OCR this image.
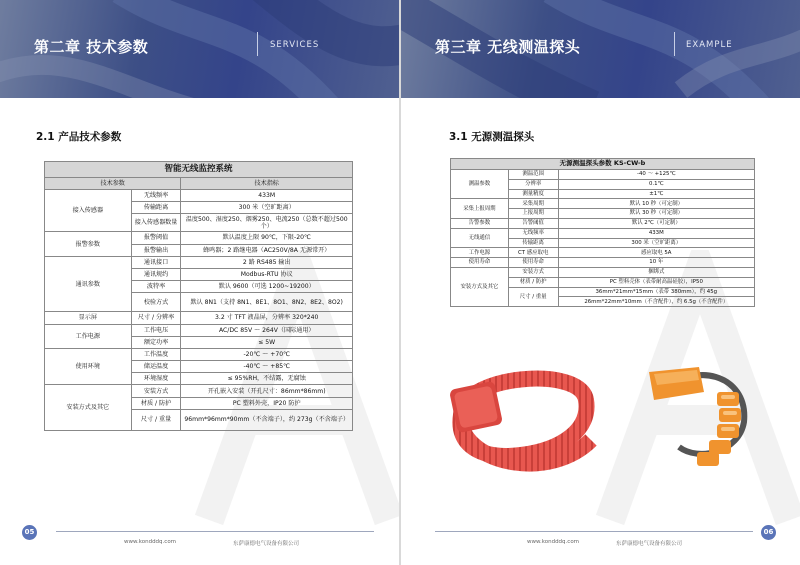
第二章 技术参数	SERVICES
2.1 产品技术参数
智能无线监控系统		
技术参数		技术指标
接入传感器	无线频率	433M
	传输距离	300 米（空旷距离）
	接入传感器数量	温度500、湿度250、烟雾250、电流250（总数不超过500 个）
报警参数	报警阈值	默认温度上限 90℃，下限-20℃
	报警输出	蜂鸣器；2 路继电器（AC250V/8A 无源常开）
通讯参数	通讯接口	2 路 RS485 输出
	通讯规约	Modbus-RTU 协议
	波特率	默认 9600（可选 1200~19200）
	校验方式	默认 8N1（支持 8N1、8E1、8O1、8N2、8E2、8O2)
显示屏	尺寸 / 分辨率	3.2 寸 TFT 液晶屏，分辨率 320*240
工作电源	工作电压	AC/DC 85V ～ 264V（国际通用）
	额定功率	≤ 5W
使用环境	工作温度	-20℃ ～ +70℃
	储运温度	-40℃ ～ +85℃
	环境湿度	≤ 95%RH，不结露，无腐蚀
安装方式及其它	安装方式	开孔嵌入安装（开孔尺寸：86mm*86mm)
	材质 / 防护	PC 塑料外壳，IP20 防护
	尺寸 / 重量	96mm*96mm*90mm（不含端子），约 273g（不含端子）
05
www.kondddq.com	东萨康德电气设备有限公司
第三章 无线测温探头	EXAMPLE
3.1 无源测温探头
无源测温探头参数 KS-CW-b		
测温参数	测温范围	-40 ～ +125℃
	分辨率	0.1℃
	测量精度	±1℃
采集上报周期	采集周期	默认 10 秒（可定制）
	上报周期	默认 30 秒（可定制）
告警参数	告警阈值	默认 2℃（可定制）
无线通信	无线频率	433M
	传输距离	300 米（空旷距离）
工作电源	CT 感应取电	感应取电 5A
使用寿命	使用寿命	10 年
安装方式及其它	安装方式	捆绑式
	材质 / 防护	PC 塑料壳体（表带耐高温硅胶），IP50
	尺寸 / 重量	36mm*21mm*15mm（表带 380mm），约 45g
		26mm*22mm*10mm（不含配件），约 6.5g（不含配件）
06
www.kondddq.com	东萨康德电气设备有限公司
